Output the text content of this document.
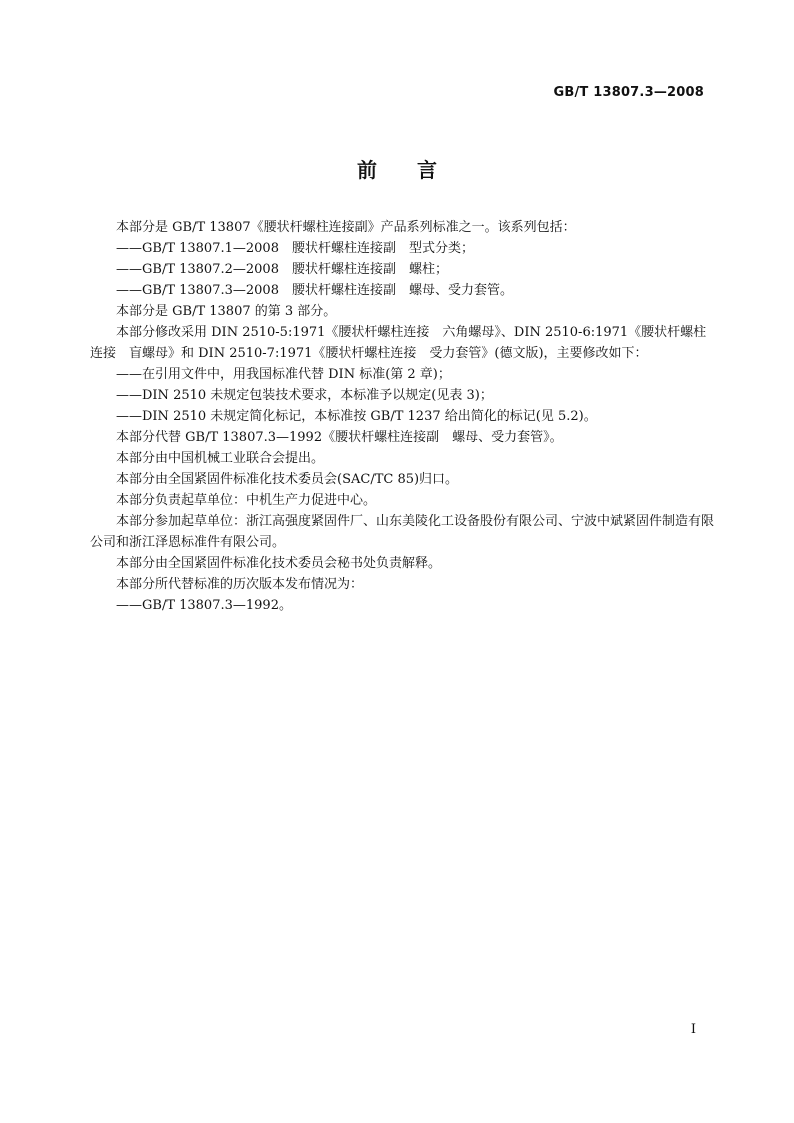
GB/T 13807.3—2008
前 言

本部分是 GB/T 13807《腰状杆螺柱连接副》产品系列标准之一。该系列包括：

——GB/T 13807.1—2008　腰状杆螺柱连接副　型式分类；

——GB/T 13807.2—2008　腰状杆螺柱连接副　螺柱；

——GB/T 13807.3—2008　腰状杆螺柱连接副　螺母、受力套管。

本部分是 GB/T 13807 的第 3 部分。

本部分修改采用 DIN 2510-5:1971《腰状杆螺柱连接　六角螺母》、DIN 2510-6:1971《腰状杆螺柱连接　盲螺母》和 DIN 2510-7:1971《腰状杆螺柱连接　受力套管》(德文版)，主要修改如下：

——在引用文件中，用我国标准代替 DIN 标准(第 2 章)；

——DIN 2510 未规定包装技术要求，本标准予以规定(见表 3)；

——DIN 2510 未规定简化标记，本标准按 GB/T 1237 给出简化的标记(见 5.2)。

本部分代替 GB/T 13807.3—1992《腰状杆螺柱连接副　螺母、受力套管》。

本部分由中国机械工业联合会提出。

本部分由全国紧固件标准化技术委员会(SAC/TC 85)归口。

本部分负责起草单位：中机生产力促进中心。

本部分参加起草单位：浙江高强度紧固件厂、山东美陵化工设备股份有限公司、宁波中斌紧固件制造有限公司和浙江泽恩标准件有限公司。

本部分由全国紧固件标准化技术委员会秘书处负责解释。

本部分所代替标准的历次版本发布情况为：

——GB/T 13807.3—1992。

I
